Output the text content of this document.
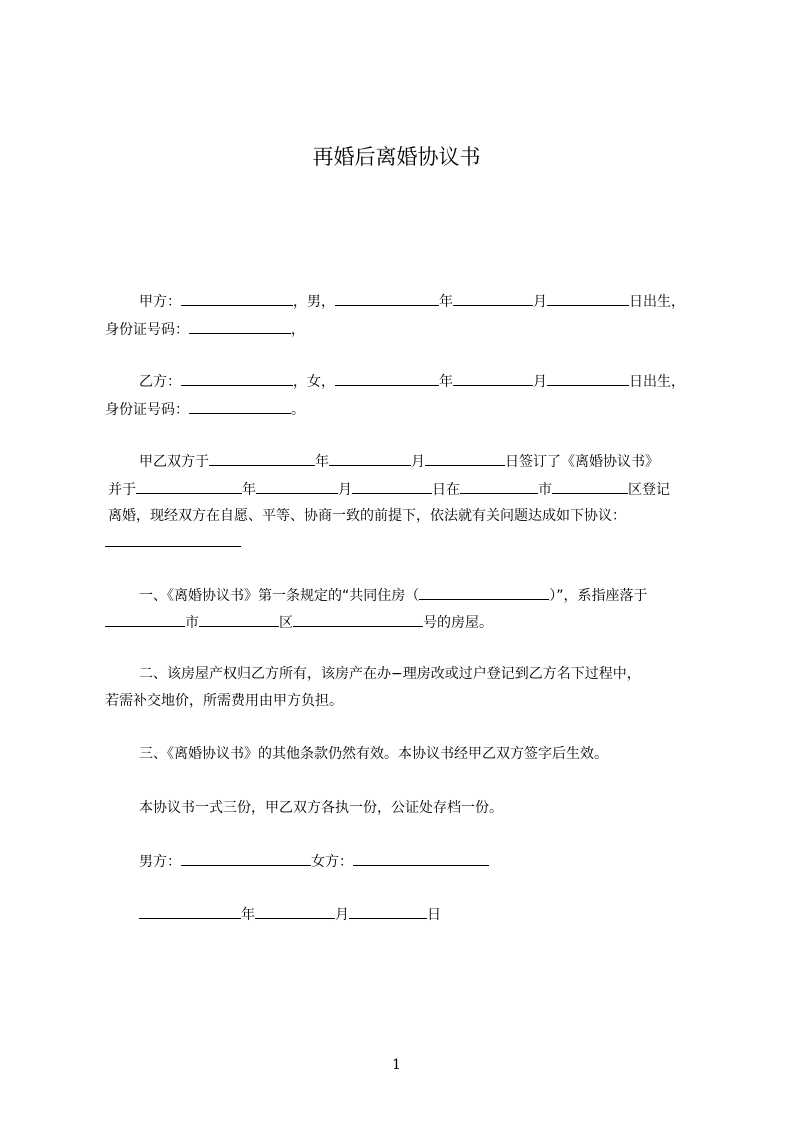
再婚后离婚协议书
甲方：	，男，	年	月	日出生，
身份证号码：	，
乙方：	，女，	年	月	日出生，
身份证号码：	。
甲乙双方于	年	月	日签订了《离婚协议书》
并于	年	月	日在	市	区登记
离婚，现经双方在自愿、平等、协商一致的前提下，依法就有关问题达成如下协议：
一、《离婚协议书》第一条规定的“共同住房（	）”，系指座落于
市	区	号的房屋。
二、该房屋产权归乙方所有，该房产在办−理房改或过户登记到乙方名下过程中，
若需补交地价，所需费用由甲方负担。
三、《离婚协议书》的其他条款仍然有效。本协议书经甲乙双方签字后生效。
本协议书一式三份，甲乙双方各执一份，公证处存档一份。
男方：	女方：
年	月	日
1
